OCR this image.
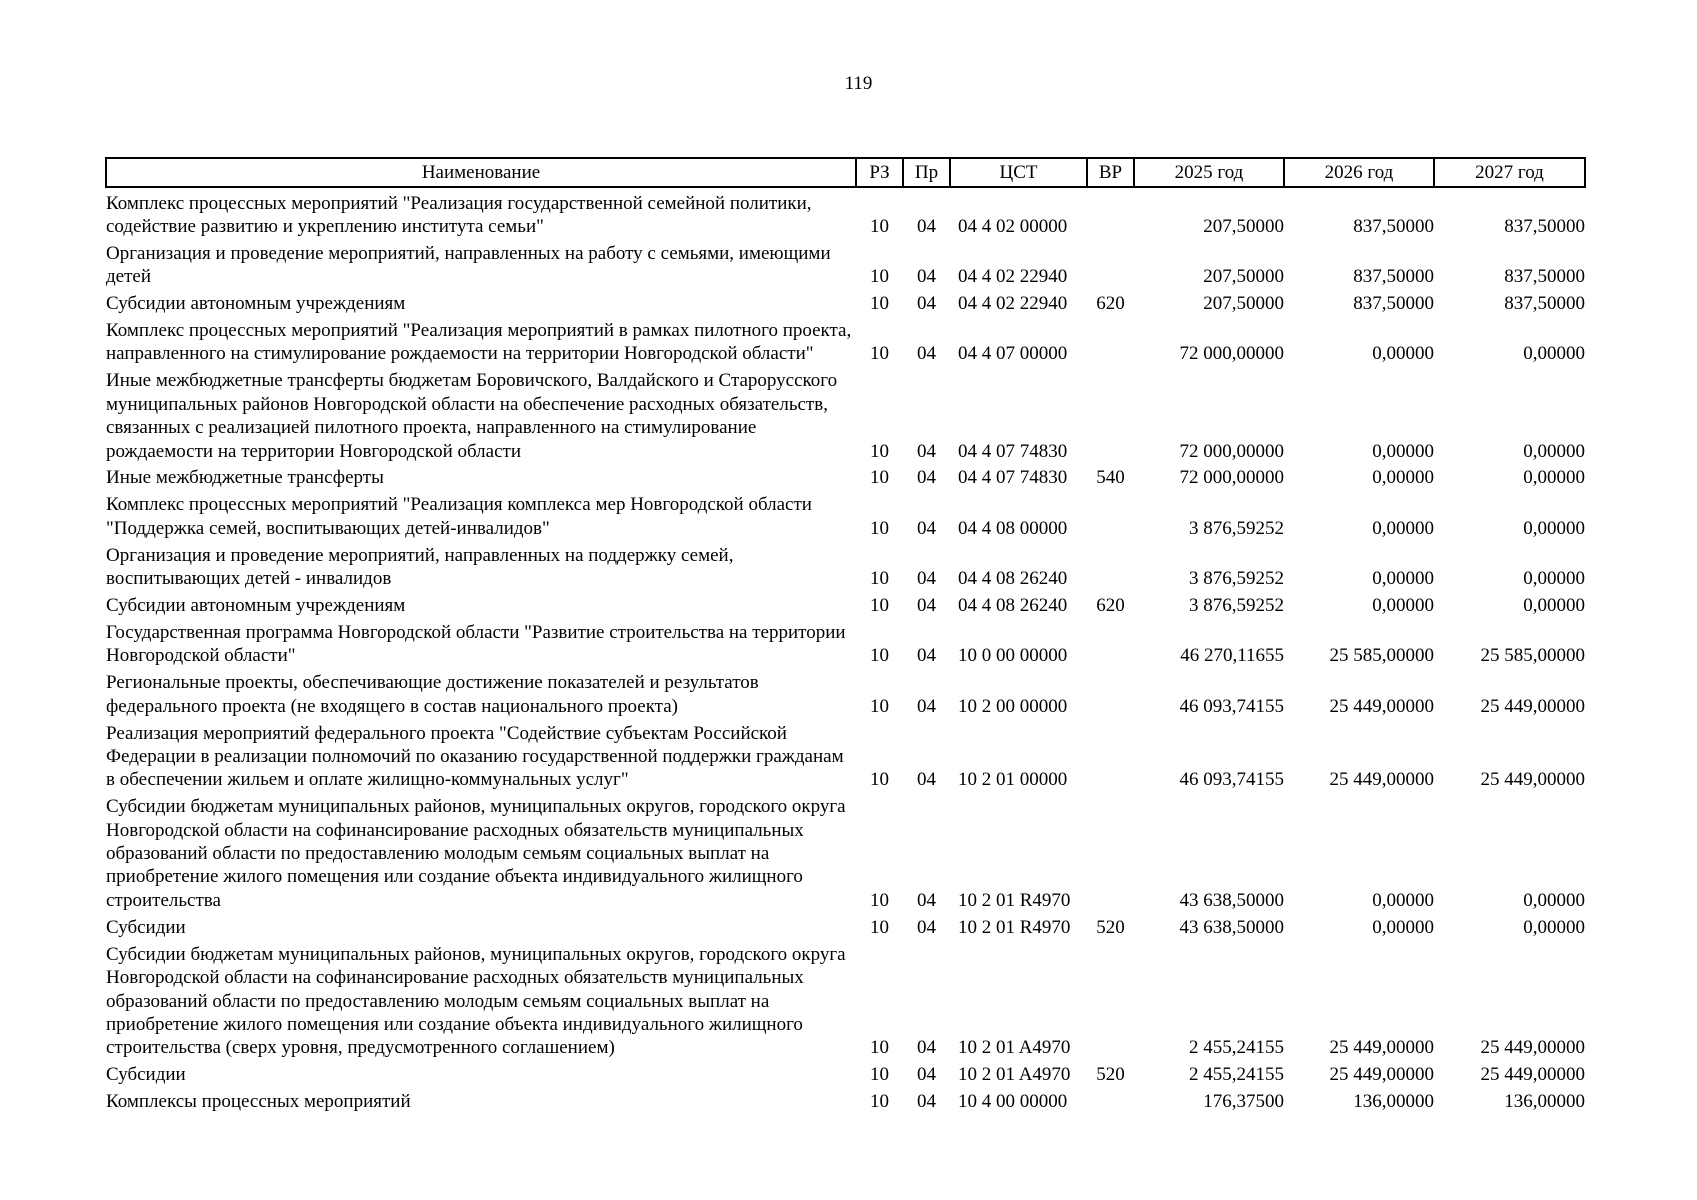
119
Наименование	РЗ	Пр	ЦСТ	ВР	2025 год	2026 год	2027 год
Комплекс процессных мероприятий "Реализация государственной семейной политики, содействие развитию и укреплению института семьи"	10	04	04 4 02 00000		207,50000	837,50000	837,50000
Организация и проведение мероприятий, направленных на работу с семьями, имеющими детей	10	04	04 4 02 22940		207,50000	837,50000	837,50000
Субсидии автономным учреждениям	10	04	04 4 02 22940	620	207,50000	837,50000	837,50000
Комплекс процессных мероприятий "Реализация мероприятий в рамках пилотного проекта, направленного на стимулирование рождаемости на территории Новгородской области"	10	04	04 4 07 00000		72 000,00000	0,00000	0,00000
Иные межбюджетные трансферты бюджетам Боровичского, Валдайского и Старорусского муниципальных районов Новгородской области на обеспечение расходных обязательств, связанных с реализацией пилотного проекта, направленного на стимулирование рождаемости на территории Новгородской области	10	04	04 4 07 74830		72 000,00000	0,00000	0,00000
Иные межбюджетные трансферты	10	04	04 4 07 74830	540	72 000,00000	0,00000	0,00000
Комплекс процессных мероприятий "Реализация комплекса мер Новгородской области "Поддержка семей, воспитывающих детей-инвалидов"	10	04	04 4 08 00000		3 876,59252	0,00000	0,00000
Организация и проведение мероприятий, направленных на поддержку семей, воспитывающих детей - инвалидов	10	04	04 4 08 26240		3 876,59252	0,00000	0,00000
Субсидии автономным учреждениям	10	04	04 4 08 26240	620	3 876,59252	0,00000	0,00000
Государственная программа Новгородской области "Развитие строительства на территории Новгородской области"	10	04	10 0 00 00000		46 270,11655	25 585,00000	25 585,00000
Региональные проекты, обеспечивающие достижение показателей и результатов федерального проекта (не входящего в состав национального проекта)	10	04	10 2 00 00000		46 093,74155	25 449,00000	25 449,00000
Реализация мероприятий федерального проекта "Содействие субъектам Российской Федерации в реализации полномочий по оказанию государственной поддержки гражданам в обеспечении жильем и оплате жилищно-коммунальных услуг"	10	04	10 2 01 00000		46 093,74155	25 449,00000	25 449,00000
Субсидии бюджетам муниципальных районов, муниципальных округов, городского округа Новгородской области на софинансирование расходных обязательств муниципальных образований области по предоставлению молодым семьям социальных выплат на приобретение жилого помещения или создание объекта индивидуального жилищного строительства	10	04	10 2 01 R4970		43 638,50000	0,00000	0,00000
Субсидии	10	04	10 2 01 R4970	520	43 638,50000	0,00000	0,00000
Субсидии бюджетам муниципальных районов, муниципальных округов, городского округа Новгородской области на софинансирование расходных обязательств муниципальных образований области по предоставлению молодым семьям социальных выплат на приобретение жилого помещения или создание объекта индивидуального жилищного строительства (сверх уровня, предусмотренного соглашением)	10	04	10 2 01 A4970		2 455,24155	25 449,00000	25 449,00000
Субсидии	10	04	10 2 01 A4970	520	2 455,24155	25 449,00000	25 449,00000
Комплексы процессных мероприятий	10	04	10 4 00 00000		176,37500	136,00000	136,00000
